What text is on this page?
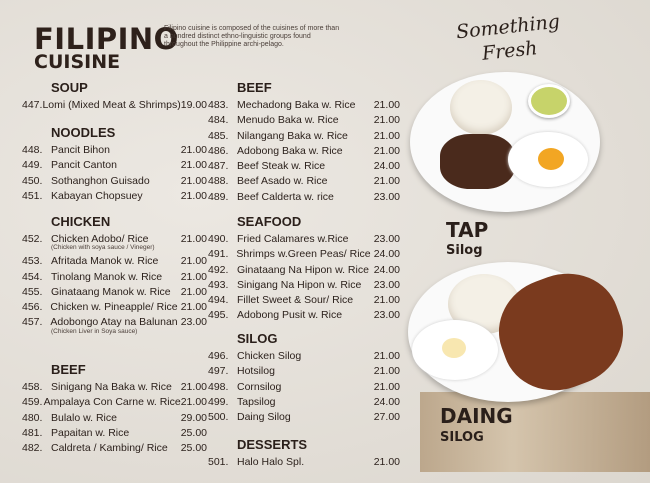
FILIPINO
CUISINE
Filipino cuisine is composed of the cuisines of more than a hundred distinct ethno-linguistic groups found throughout the Philippine archi-pelago.
SOUP
447. Lomi (Mixed Meat & Shrimps) 19.00
NOODLES
448. Pancit Bihon	21.00
449. Pancit Canton	21.00
450. Sothanghon Guisado	21.00
451. Kabayan Chopsuey	21.00
CHICKEN
452. Chicken Adobo/ Rice	21.00
(Chicken with soya sauce / Vineger)
453. Afritada Manok w. Rice	21.00
454. Tinolang Manok w. Rice	21.00
455. Ginataang Manok w. Rice 21.00
456. Chicken w. Pineapple/ Rice 21.00
457. Adobongo Atay na Balunan 23.00
(Chicken Liver in Soya sauce)
BEEF
458. Sinigang Na Baka w. Rice 21.00
459. Ampalaya Con Carne w. Rice 21.00
480. Bulalo w. Rice	29.00
481. Papaitan w. Rice	25.00
482. Caldreta / Kambing/ Rice	25.00
BEEF
483. Mechadong Baka w. Rice	21.00
484. Menudo Baka w. Rice	21.00
485. Nilangang Baka w. Rice	21.00
486. Adobong Baka w. Rice	21.00
487. Beef Steak w. Rice	24.00
488. Beef Asado w. Rice	21.00
489. Beef Calderta w. rice	23.00
SEAFOOD
490. Fried Calamares w.Rice	23.00
491. Shrimps w.Green Peas/ Rice 24.00
492. Ginataang Na Hipon w. Rice 24.00
493. Sinigang Na Hipon w. Rice	23.00
494. Fillet Sweet & Sour/ Rice	21.00
495. Adobong Pusit w. Rice	23.00
SILOG
496. Chicken Silog	21.00
497. Hotsilog	21.00
498. Cornsilog	21.00
499. Tapsilog	24.00
500. Daing Silog	27.00
DESSERTS
501. Halo Halo Spl.	21.00
Something
Fresh
TAP
Silog
DAING
SILOG
